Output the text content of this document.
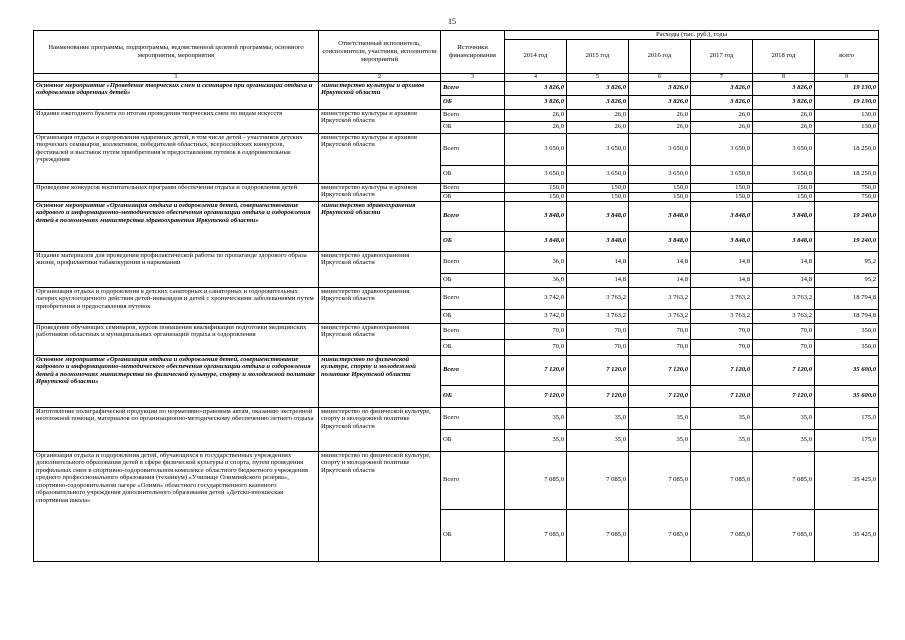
15
Наименование программы, подпрограммы, ведомственной целевой программы, основного мероприятия, мероприятия	Ответственный исполнитель, соисполнители, участники, исполнители мероприятий	Источники финансирования	Расходы (тыс. руб.), годы					
			2014 год	2015 год	2016 год	2017 год	2018 год	всего
1	2	3	4	5	6	7	8	9
Основное мероприятие «Проведение творческих смен и семинаров при организации отдыха и оздоровления одаренных детей»	министерство культуры и архивов Иркутской области	Всего	3 826,0	3 826,0	3 826,0	3 826,0	3 826,0	19 130,0
		ОБ	3 826,0	3 826,0	3 826,0	3 826,0	3 826,0	19 130,0
Издание ежегодного буклета по итогам проведения творческих смен по видам искусств	министерство культуры и архивов Иркутской области	Всего	26,0	26,0	26,0	26,0	26,0	130,0
		ОБ	26,0	26,0	26,0	26,0	26,0	130,0
Организация отдыха и оздоровления одаренных детей, в том числе детей - участников детских творческих семинаров, коллективов, победителей областных, всероссийских конкурсов, фестивалей и выставок путем приобретения и предоставления путевок в оздоровительные учреждения	министерство культуры и архивов Иркутской области	Всего	3 650,0	3 650,0	3 650,0	3 650,0	3 650,0	18 250,0
		ОБ	3 650,0	3 650,0	3 650,0	3 650,0	3 650,0	18 250,0
Проведение конкурсов воспитательных программ обеспечения отдыха и оздоровления детей	министерство культуры и архивов Иркутской области	Всего	150,0	150,0	150,0	150,0	150,0	750,0
		ОБ	150,0	150,0	150,0	150,0	150,0	750,0
Основное мероприятие «Организация отдыха и оздоровления детей, совершенствование кадрового и информационно-методического обеспечения организации отдыха и оздоровления детей в полномочиях министерства здравоохранения Иркутской области»	министерство здравоохранения Иркутской области	Всего	3 848,0	3 848,0	3 848,0	3 848,0	3 848,0	19 240,0
		ОБ	3 848,0	3 848,0	3 848,0	3 848,0	3 848,0	19 240,0
Издание материалов для проведения профилактической работы по пропаганде здорового образа жизни, профилактики табакокурения и наркомании	министерство здравоохранения Иркутской области	Всего	36,0	14,8	14,8	14,8	14,8	95,2
		ОБ	36,0	14,8	14,8	14,8	14,8	95,2
Организация отдыха и оздоровления в детских санаторных и санаторных и оздоровительных лагерях круглогодичного действия детей-инвалидов и детей с хроническими заболеваниями путем приобретения и предоставления путевок	министерство здравоохранения Иркутской области	Всего	3 742,0	3 763,2	3 763,2	3 763,2	3 763,2	18 794,8
		ОБ	3 742,0	3 763,2	3 763,2	3 763,2	3 763,2	18 794,8
Проведение обучающих семинаров, курсов повышения квалификации подготовки медицинских работников областных и муниципальных организаций отдыха и оздоровления	министерство здравоохранения Иркутской области	Всего	70,0	70,0	70,0	70,0	70,0	350,0
		ОБ	70,0	70,0	70,0	70,0	70,0	350,0
Основное мероприятие «Организация отдыха и оздоровления детей, совершенствование кадрового и информационно-методического обеспечения организации отдыха и оздоровления детей в полномочиях министерства по физической культуре, спорту и молодежной политике Иркутской области»	министерство по физической культуре, спорту и молодежной политике Иркутской области	Всего	7 120,0	7 120,0	7 120,0	7 120,0	7 120,0	35 600,0
		ОБ	7 120,0	7 120,0	7 120,0	7 120,0	7 120,0	35 600,0
Изготовление полиграфической продукции по нормативно-правовым актам, оказанию экстренной неотложной помощи, материалов по организационно-методическому обеспечению летнего отдыха	министерство по физической культуре, спорту и молодежной политике Иркутской области	Всего	35,0	35,0	35,0	35,0	35,0	175,0
		ОБ	35,0	35,0	35,0	35,0	35,0	175,0
Организация отдыха и оздоровления детей, обучающихся в государственных учреждениях дополнительного образования детей в сфере физической культуры и спорта, путем проведения профильных смен в спортивно-оздоровительном комплексе областного бюджетного учреждения среднего профессионального образования (техникум) «Училище Олимпийского резерва», спортивно-оздоровительном лагере «Олимп» областного государственного казенного образовательного учреждения дополнительного образования детей «Детско-юношеская спортивная школа»	министерство по физической культуре, спорту и молодежной политике Иркутской области	Всего	7 085,0	7 085,0	7 085,0	7 085,0	7 085,0	35 425,0
		ОБ	7 085,0	7 085,0	7 085,0	7 085,0	7 085,0	35 425,0
